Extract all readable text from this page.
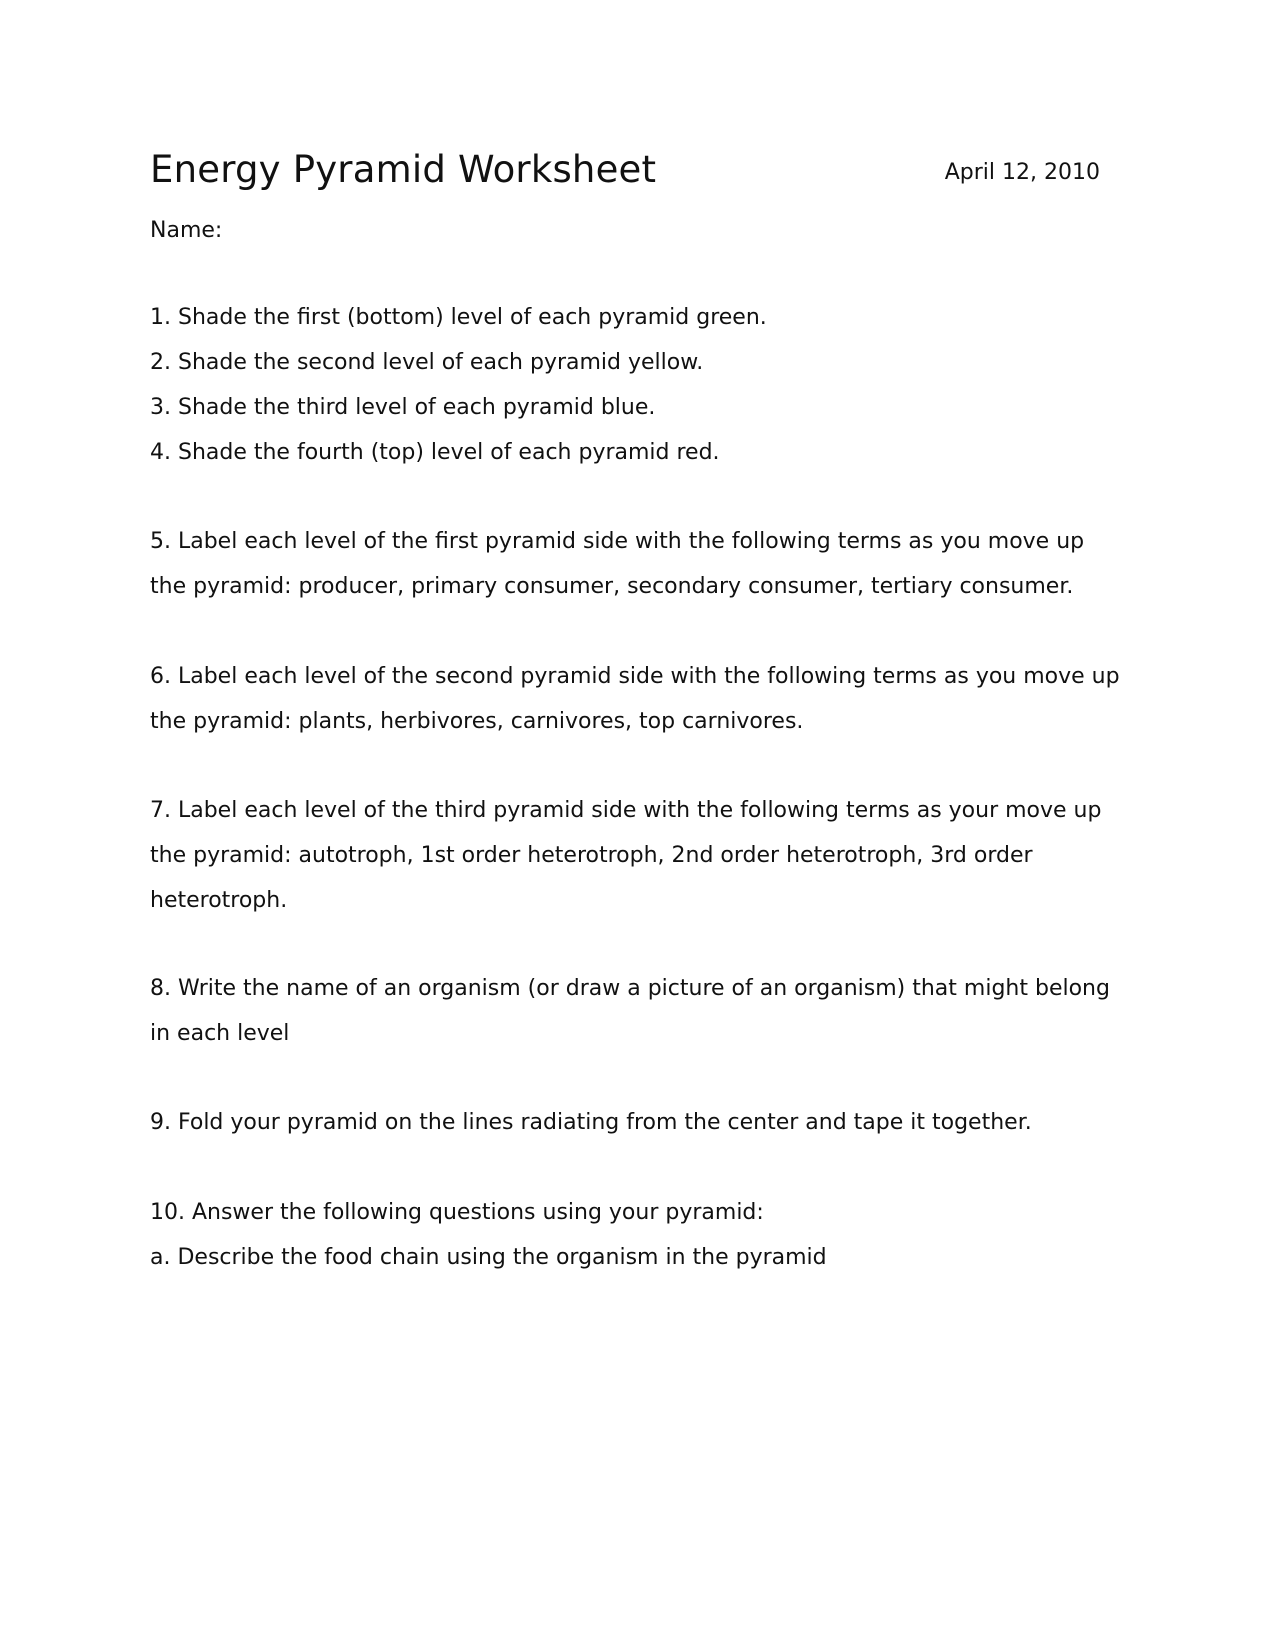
Energy Pyramid Worksheet	April 12, 2010
Name:

1. Shade the first (bottom) level of each pyramid green.

2. Shade the second level of each pyramid yellow.

3. Shade the third level of each pyramid blue.

4. Shade the fourth (top) level of each pyramid red.

5. Label each level of the first pyramid side with the following terms as you move up the pyramid: producer, primary consumer, secondary consumer, tertiary consumer.

6. Label each level of the second pyramid side with the following terms as you move up the pyramid: plants, herbivores, carnivores, top carnivores.

7. Label each level of the third pyramid side with the following terms as your move up the pyramid: autotroph, 1st order heterotroph, 2nd order heterotroph, 3rd order heterotroph.

8. Write the name of an organism (or draw a picture of an organism) that might belong in each level

9. Fold your pyramid on the lines radiating from the center and tape it together.

10. Answer the following questions using your pyramid:

a. Describe the food chain using the organism in the pyramid
